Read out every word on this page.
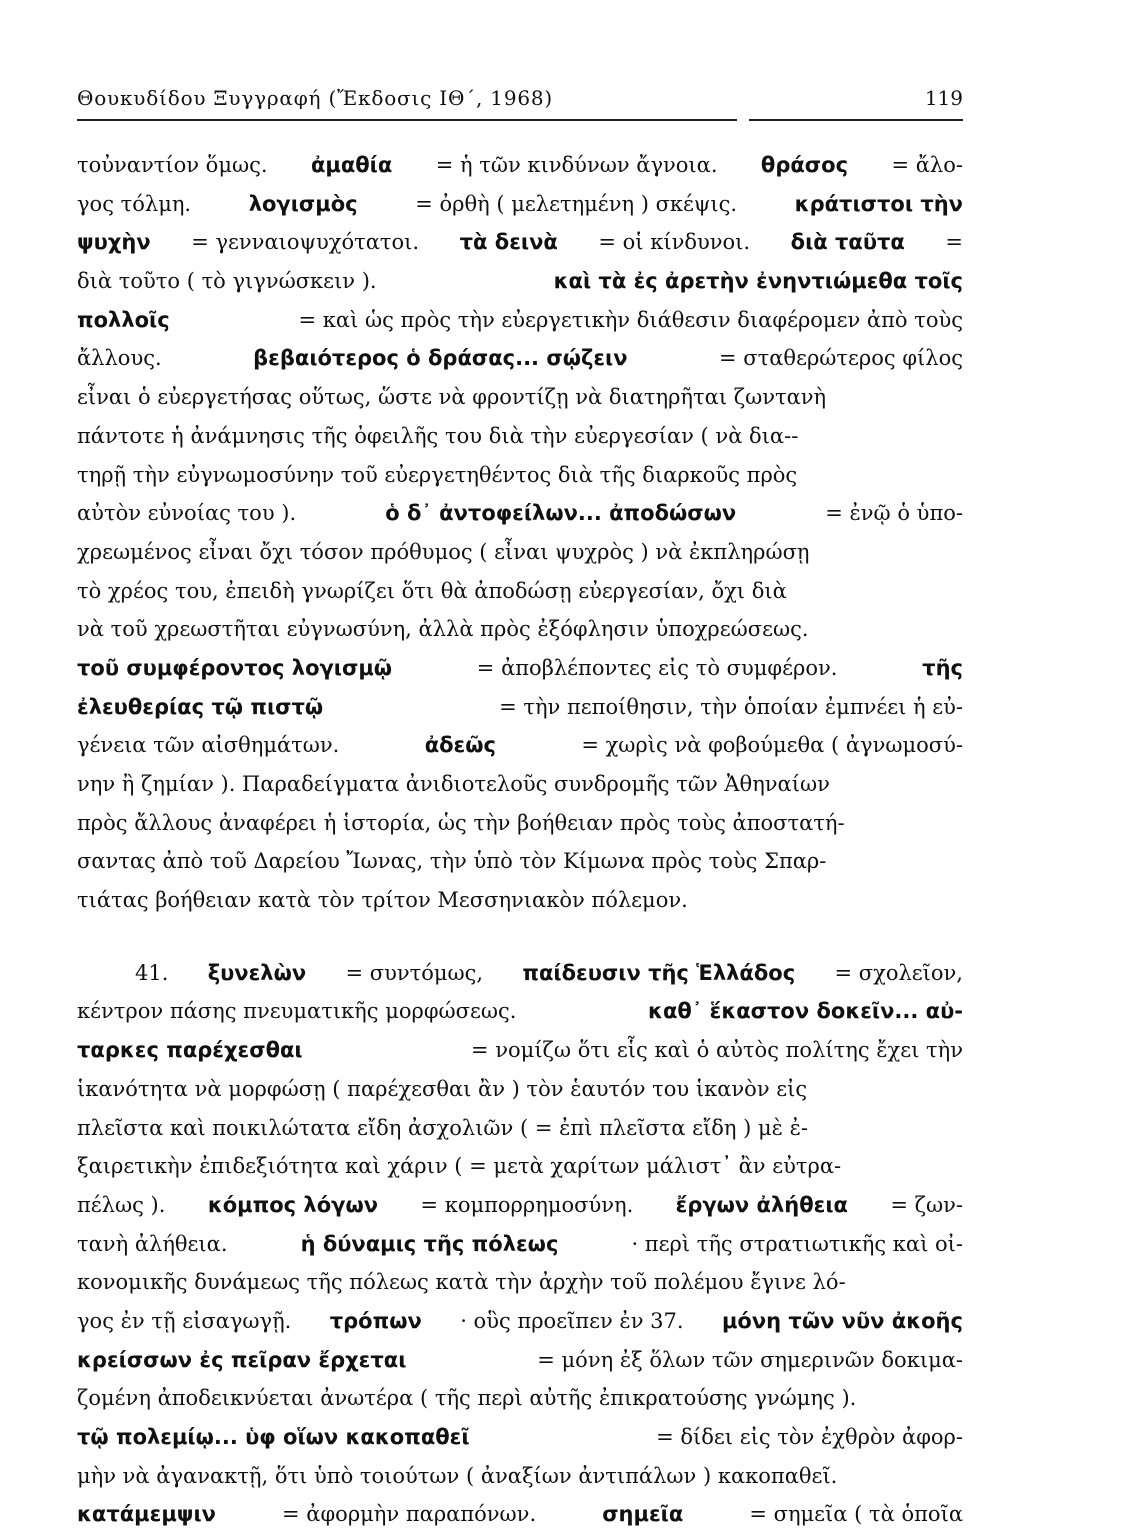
Θουκυδίδου Ξυγγραφή (Ἔκδοσις ΙΘ΄, 1968)	119
τοὐναντίον ὅμως. ἀμαθία = ἡ τῶν κινδύνων ἄγνοια. θράσος = ἄλο-
γος τόλμη.	λογισμὸς	= ὀρθὴ ( μελετημένη ) σκέψις.	κράτιστοι τὴν
ψυχὴν = γενναιοψυχότατοι. τὰ δεινὰ = οἱ κίνδυνοι. διὰ ταῦτα =
διὰ τοῦτο ( τὸ γιγνώσκειν ).	καὶ τὰ ἐς ἀρετὴν ἐνηντιώμεθα τοῖς
πολλοῖς	= καὶ ὡς πρὸς τὴν εὐεργετικὴν διάθεσιν διαφέρομεν ἀπὸ τοὺς
ἄλλους.	βεβαιότερος ὁ δράσας... σῴζειν	= σταθερώτερος φίλος
εἶναι ὁ εὐεργετήσας οὕτως, ὥστε νὰ φροντίζῃ νὰ διατηρῆται ζωντανὴ
πάντοτε ἡ ἀνάμνησις τῆς ὀφειλῆς του διὰ τὴν εὐεργεσίαν ( νὰ δια--
τηρῇ τὴν εὐγνωμοσύνην τοῦ εὐεργετηθέντος διὰ τῆς διαρκοῦς πρὸς
αὐτὸν εὐνοίας του ).	ὁ δ᾽ ἀντοφείλων... ἀποδώσων	= ἐνῷ ὁ ὑπο-
χρεωμένος εἶναι ὄχι τόσον πρόθυμος ( εἶναι ψυχρὸς ) νὰ ἐκπληρώσῃ
τὸ χρέος του, ἐπειδὴ γνωρίζει ὅτι θὰ ἀποδώσῃ εὐεργεσίαν, ὄχι διὰ
νὰ τοῦ χρεωστῆται εὐγνωσύνη, ἀλλὰ πρὸς ἐξόφλησιν ὑποχρεώσεως.
τοῦ συμφέροντος λογισμῷ	= ἀποβλέποντες εἰς τὸ συμφέρον.	τῆς
ἐλευθερίας τῷ πιστῷ	= τὴν πεποίθησιν, τὴν ὁποίαν ἐμπνέει ἡ εὐ-
γένεια τῶν αἰσθημάτων.	ἀδεῶς	= χωρὶς νὰ φοβούμεθα ( ἀγνωμοσύ-
νην ἢ ζημίαν ). Παραδείγματα ἀνιδιοτελοῦς συνδρομῆς τῶν Ἀθηναίων
πρὸς ἄλλους ἀναφέρει ἡ ἱστορία, ὡς τὴν βοήθειαν πρὸς τοὺς ἀποστατή-
σαντας ἀπὸ τοῦ Δαρείου Ἴωνας, τὴν ὑπὸ τὸν Κίμωνα πρὸς τοὺς Σπαρ-
τιάτας βοήθειαν κατὰ τὸν τρίτον Μεσσηνιακὸν πόλεμον.
41. ξυνελὼν = συντόμως, παίδευσιν τῆς Ἑλλάδος = σχολεῖον,
κέντρον πάσης πνευματικῆς μορφώσεως.	καθ᾽ ἕκαστον δοκεῖν... αὐ-
ταρκες παρέχεσθαι	= νομίζω ὅτι εἷς καὶ ὁ αὐτὸς πολίτης ἔχει τὴν
ἱκανότητα νὰ μορφώσῃ ( παρέχεσθαι ἂν ) τὸν ἑαυτόν του ἱκανὸν εἰς
πλεῖστα καὶ ποικιλώτατα εἴδη ἀσχολιῶν ( = ἐπὶ πλεῖστα εἴδη ) μὲ ἐ-
ξαιρετικὴν ἐπιδεξιότητα καὶ χάριν ( = μετὰ χαρίτων μάλιστ᾽ ἂν εὐτρα-
πέλως ). κόμπος λόγων = κομπορρημοσύνη. ἔργων ἀλήθεια = ζων-
τανὴ ἀλήθεια.	ἡ δύναμις τῆς πόλεως	· περὶ τῆς στρατιωτικῆς καὶ οἰ-
κονομικῆς δυνάμεως τῆς πόλεως κατὰ τὴν ἀρχὴν τοῦ πολέμου ἔγινε λό-
γος ἐν τῇ εἰσαγωγῇ. τρόπων · οὓς προεῖπεν ἐν 37. μόνη τῶν νῦν ἀκοῆς
κρείσσων ἐς πεῖραν ἔρχεται	= μόνη ἐξ ὅλων τῶν σημερινῶν δοκιμα-
ζομένη ἀποδεικνύεται ἀνωτέρα ( τῆς περὶ αὐτῆς ἐπικρατούσης γνώμης ).
τῷ πολεμίῳ... ὑφ οἵων κακοπαθεῖ	= δίδει εἰς τὸν ἐχθρὸν ἀφορ-
μὴν νὰ ἀγανακτῇ, ὅτι ὑπὸ τοιούτων ( ἀναξίων ἀντιπάλων ) κακοπαθεῖ.
κατάμεμψιν	= ἀφορμὴν παραπόνων.	σημεῖα	= σημεῖα ( τὰ ὁποῖα
